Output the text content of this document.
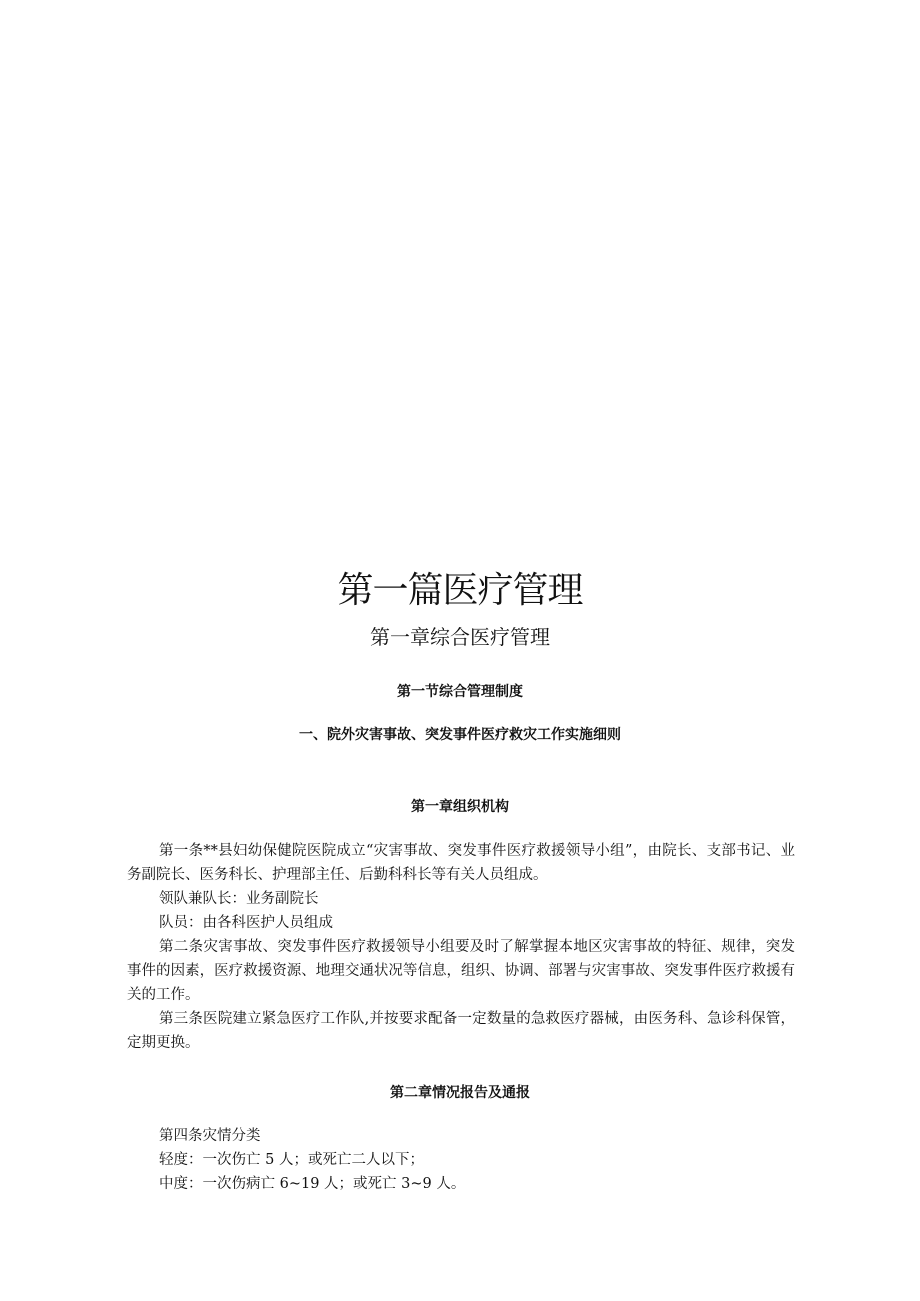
第一篇医疗管理
第一章综合医疗管理
第一节综合管理制度
一、院外灾害事故、突发事件医疗救灾工作实施细则
第一章组织机构

第一条**县妇幼保健院医院成立“灾害事故、突发事件医疗救援领导小组”，由院长、支部书记、业务副院长、医务科长、护理部主任、后勤科科长等有关人员组成。

领队兼队长：业务副院长

队员：由各科医护人员组成

第二条灾害事故、突发事件医疗救援领导小组要及时了解掌握本地区灾害事故的特征、规律，突发事件的因素，医疗救援资源、地理交通状况等信息，组织、协调、部署与灾害事故、突发事件医疗救援有关的工作。

第三条医院建立紧急医疗工作队,并按要求配备一定数量的急救医疗器械，由医务科、急诊科保管，定期更换。

第二章情况报告及通报

第四条灾情分类

轻度：一次伤亡 5 人；或死亡二人以下；

中度：一次伤病亡 6~19 人；或死亡 3~9 人。
